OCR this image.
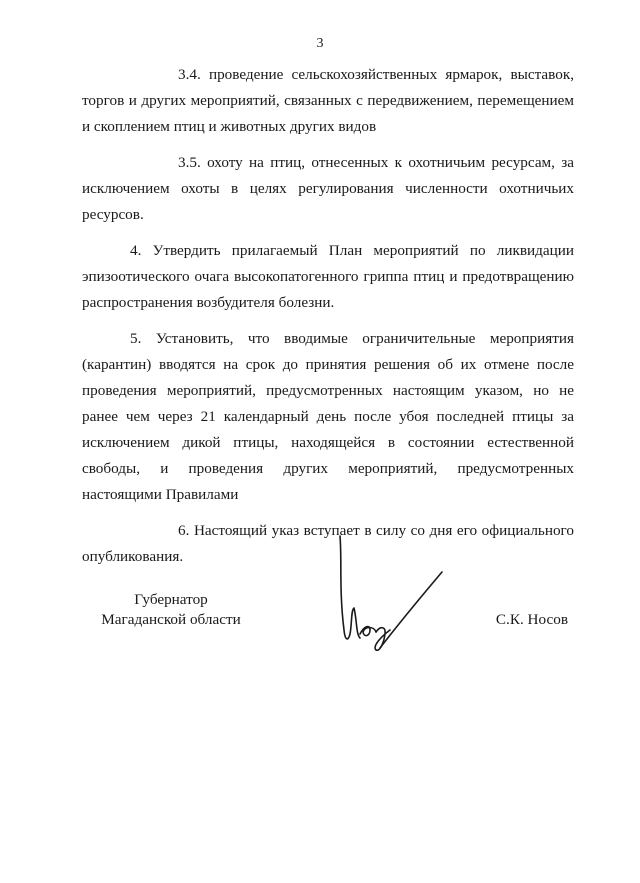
3

3.4. проведение сельскохозяйственных ярмарок, выставок, торгов и других мероприятий, связанных с передвижением, перемещением и скоплением птиц и животных других видов

3.5. охоту на птиц, отнесенных к охотничьим ресурсам, за исключением охоты в целях регулирования численности охотничьих ресурсов.

4. Утвердить прилагаемый План мероприятий по ликвидации эпизоотического очага высокопатогенного гриппа птиц и предотвращению распространения возбудителя болезни.

5. Установить, что вводимые ограничительные мероприятия (карантин) вводятся на срок до принятия решения об их отмене после проведения мероприятий, предусмотренных настоящим указом, но не ранее чем через 21 календарный день после убоя последней птицы за исключением дикой птицы, находящейся в состоянии естественной свободы, и проведения других мероприятий, предусмотренных настоящими Правилами

6. Настоящий указ вступает в силу со дня его официального опубликования.

Губернатор
Магаданской области	С.К. Носов
